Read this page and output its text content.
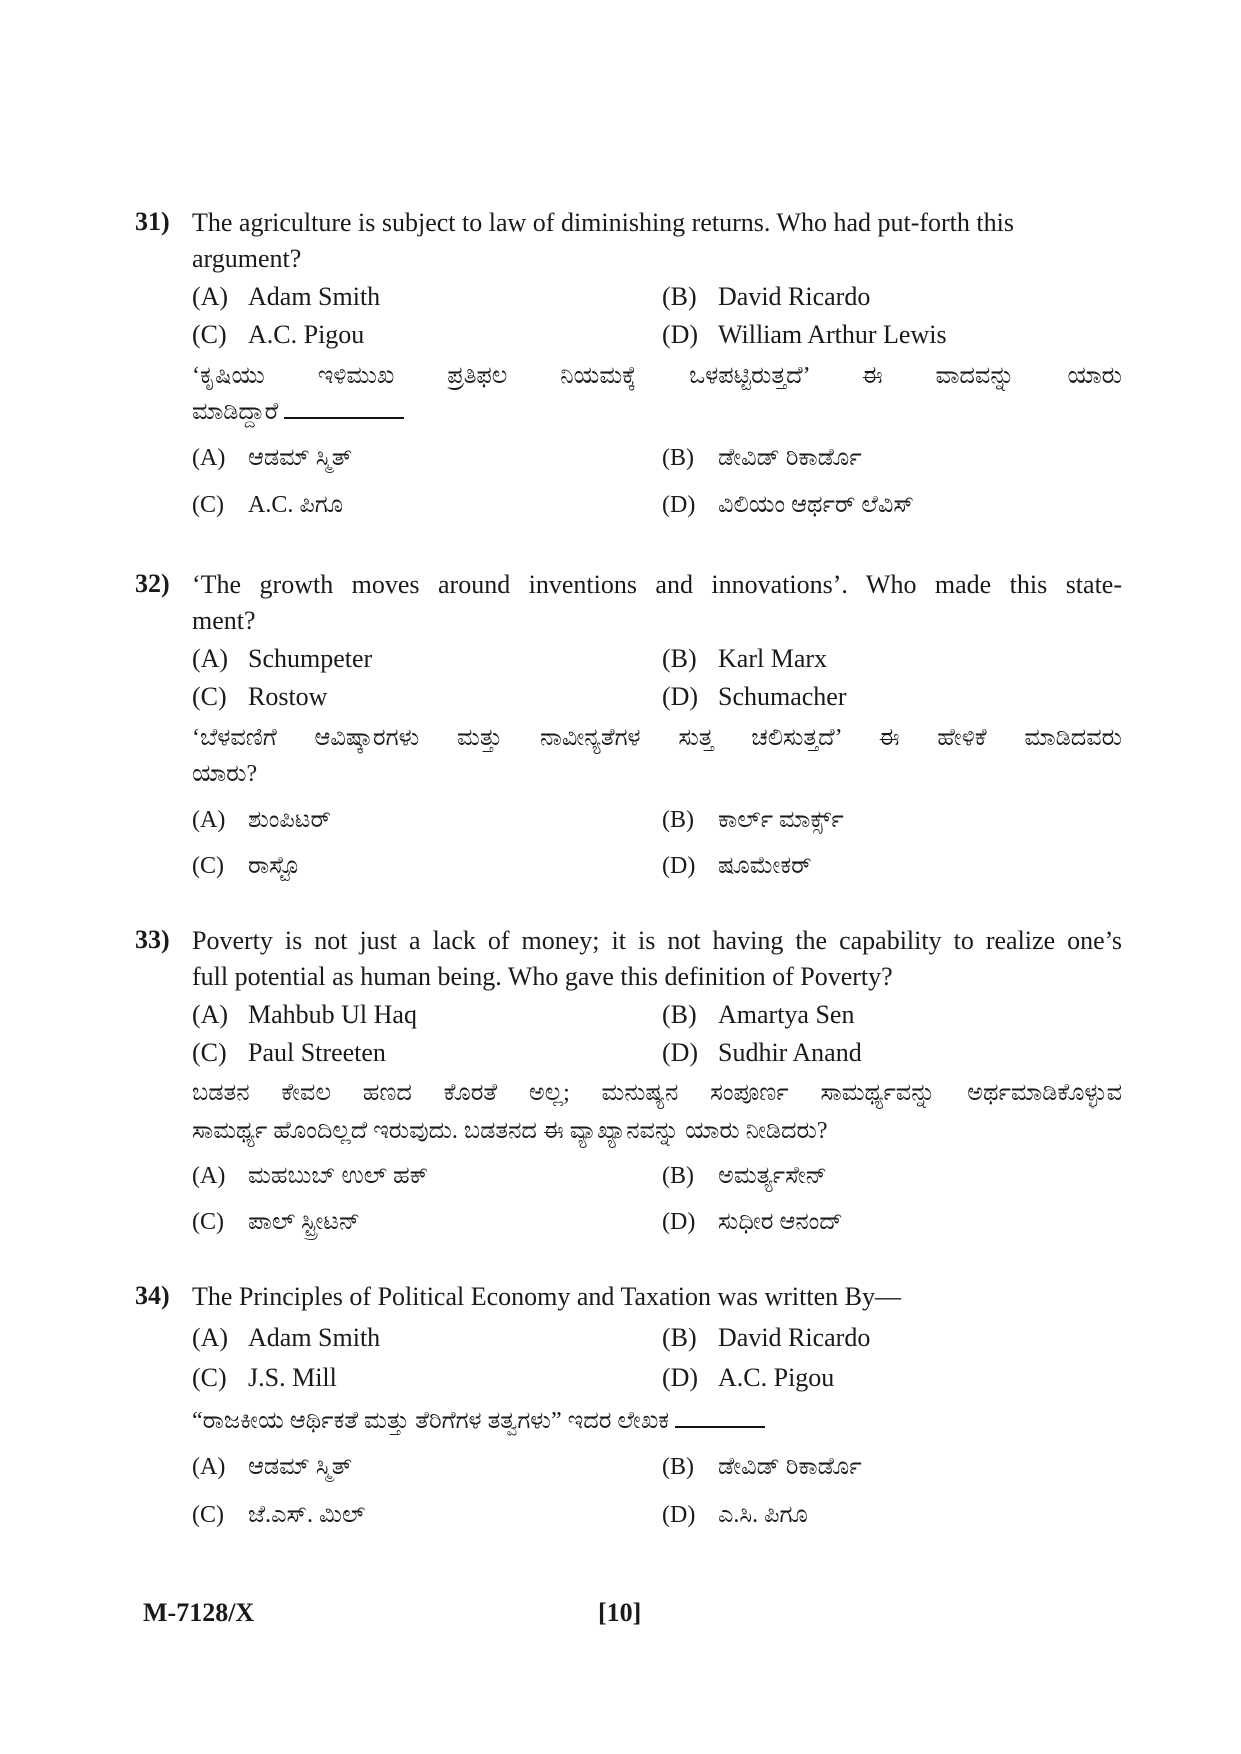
31) The agriculture is subject to law of diminishing returns. Who had put-forth this
argument?
(A) Adam Smith	(B) David Ricardo
(C) A.C. Pigou	(D) William Arthur Lewis
‘ಕೃಷಿಯು ಇಳಿಮುಖ ಪ್ರತಿಫಲ ನಿಯಮಕ್ಕೆ ಒಳಪಟ್ಟಿರುತ್ತದೆ’ ಈ ವಾದವನ್ನು ಯಾರು
ಮಾಡಿದ್ದಾರೆ
(A) ಆಡಮ್ ಸ್ಮಿತ್	(B) ಡೇವಿಡ್ ರಿಕಾರ್ಡೊ
(C) A.C. ಪಿಗೂ	(D) ವಿಲಿಯಂ ಆರ್ಥರ್ ಲೆವಿಸ್
32) ‘The growth moves around inventions and innovations’. Who made this state-
ment?
(A) Schumpeter	(B) Karl Marx
(C) Rostow	(D) Schumacher
‘ಬೆಳವಣಿಗೆ ಆವಿಷ್ಕಾರಗಳು ಮತ್ತು ನಾವೀನ್ಯತೆಗಳ ಸುತ್ತ ಚಲಿಸುತ್ತದೆ’ ಈ ಹೇಳಿಕೆ ಮಾಡಿದವರು
ಯಾರು?
(A) ಶುಂಪಿಟರ್	(B) ಕಾರ್ಲ್ ಮಾರ್ಕ್ಸ್
(C) ರಾಸ್ಟೊ	(D) ಷೂಮೇಕರ್
33) Poverty is not just a lack of money; it is not having the capability to realize one’s
full potential as human being. Who gave this definition of Poverty?
(A) Mahbub Ul Haq	(B) Amartya Sen
(C) Paul Streeten	(D) Sudhir Anand
ಬಡತನ ಕೇವಲ ಹಣದ ಕೊರತೆ ಅಲ್ಲ; ಮನುಷ್ಯನ ಸಂಪೂರ್ಣ ಸಾಮರ್ಥ್ಯವನ್ನು ಅರ್ಥಮಾಡಿಕೊಳ್ಳುವ
ಸಾಮರ್ಥ್ಯ ಹೊಂದಿಲ್ಲದೆ ಇರುವುದು. ಬಡತನದ ಈ ವ್ಯಾಖ್ಯಾನವನ್ನು ಯಾರು ನೀಡಿದರು?
(A) ಮಹಬುಬ್ ಉಲ್ ಹಕ್	(B) ಅಮರ್ತ್ಯಸೇನ್
(C) ಪಾಲ್ ಸ್ಟ್ರೀಟನ್	(D) ಸುಧೀರ ಆನಂದ್
34) The Principles of Political Economy and Taxation was written By—
(A) Adam Smith	(B) David Ricardo
(C) J.S. Mill	(D) A.C. Pigou
“ರಾಜಕೀಯ ಆರ್ಥಿಕತೆ ಮತ್ತು ತೆರಿಗೆಗಳ ತತ್ವಗಳು” ಇದರ ಲೇಖಕ
(A) ಆಡಮ್ ಸ್ಮಿತ್	(B) ಡೇವಿಡ್ ರಿಕಾರ್ಡೊ
(C) ಜೆ.ಎಸ್. ಮಿಲ್	(D) ಎ.ಸಿ. ಪಿಗೂ
M-7128/X	[10]
